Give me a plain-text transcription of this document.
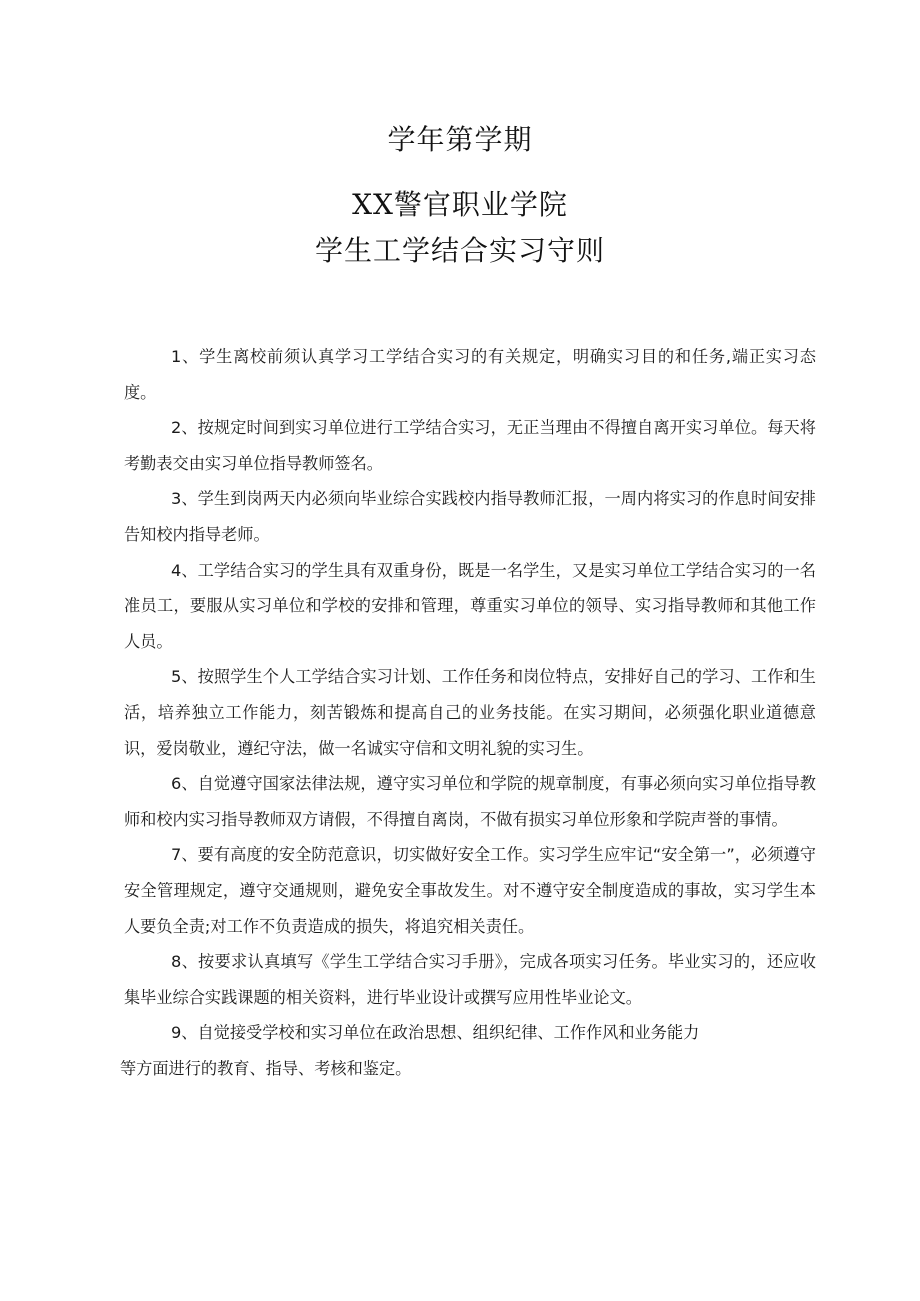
学年第学期
XX警官职业学院
学生工学结合实习守则

1、学生离校前须认真学习工学结合实习的有关规定，明确实习目的和任务,端正实习态度。

2、按规定时间到实习单位进行工学结合实习，无正当理由不得擅自离开实习单位。每天将考勤表交由实习单位指导教师签名。

3、学生到岗两天内必须向毕业综合实践校内指导教师汇报，一周内将实习的作息时间安排告知校内指导老师。

4、工学结合实习的学生具有双重身份，既是一名学生，又是实习单位工学结合实习的一名准员工，要服从实习单位和学校的安排和管理，尊重实习单位的领导、实习指导教师和其他工作人员。

5、按照学生个人工学结合实习计划、工作任务和岗位特点，安排好自己的学习、工作和生活，培养独立工作能力，刻苦锻炼和提高自己的业务技能。在实习期间，必须强化职业道德意识，爱岗敬业，遵纪守法，做一名诚实守信和文明礼貌的实习生。

6、自觉遵守国家法律法规，遵守实习单位和学院的规章制度，有事必须向实习单位指导教师和校内实习指导教师双方请假，不得擅自离岗，不做有损实习单位形象和学院声誉的事情。

7、要有高度的安全防范意识，切实做好安全工作。实习学生应牢记“安全第一”，必须遵守安全管理规定，遵守交通规则，避免安全事故发生。对不遵守安全制度造成的事故，实习学生本人要负全责;对工作不负责造成的损失，将追究相关责任。

8、按要求认真填写《学生工学结合实习手册》，完成各项实习任务。毕业实习的，还应收集毕业综合实践课题的相关资料，进行毕业设计或撰写应用性毕业论文。

9、自觉接受学校和实习单位在政治思想、组织纪律、工作作风和业务能力
等方面进行的教育、指导、考核和鉴定。
